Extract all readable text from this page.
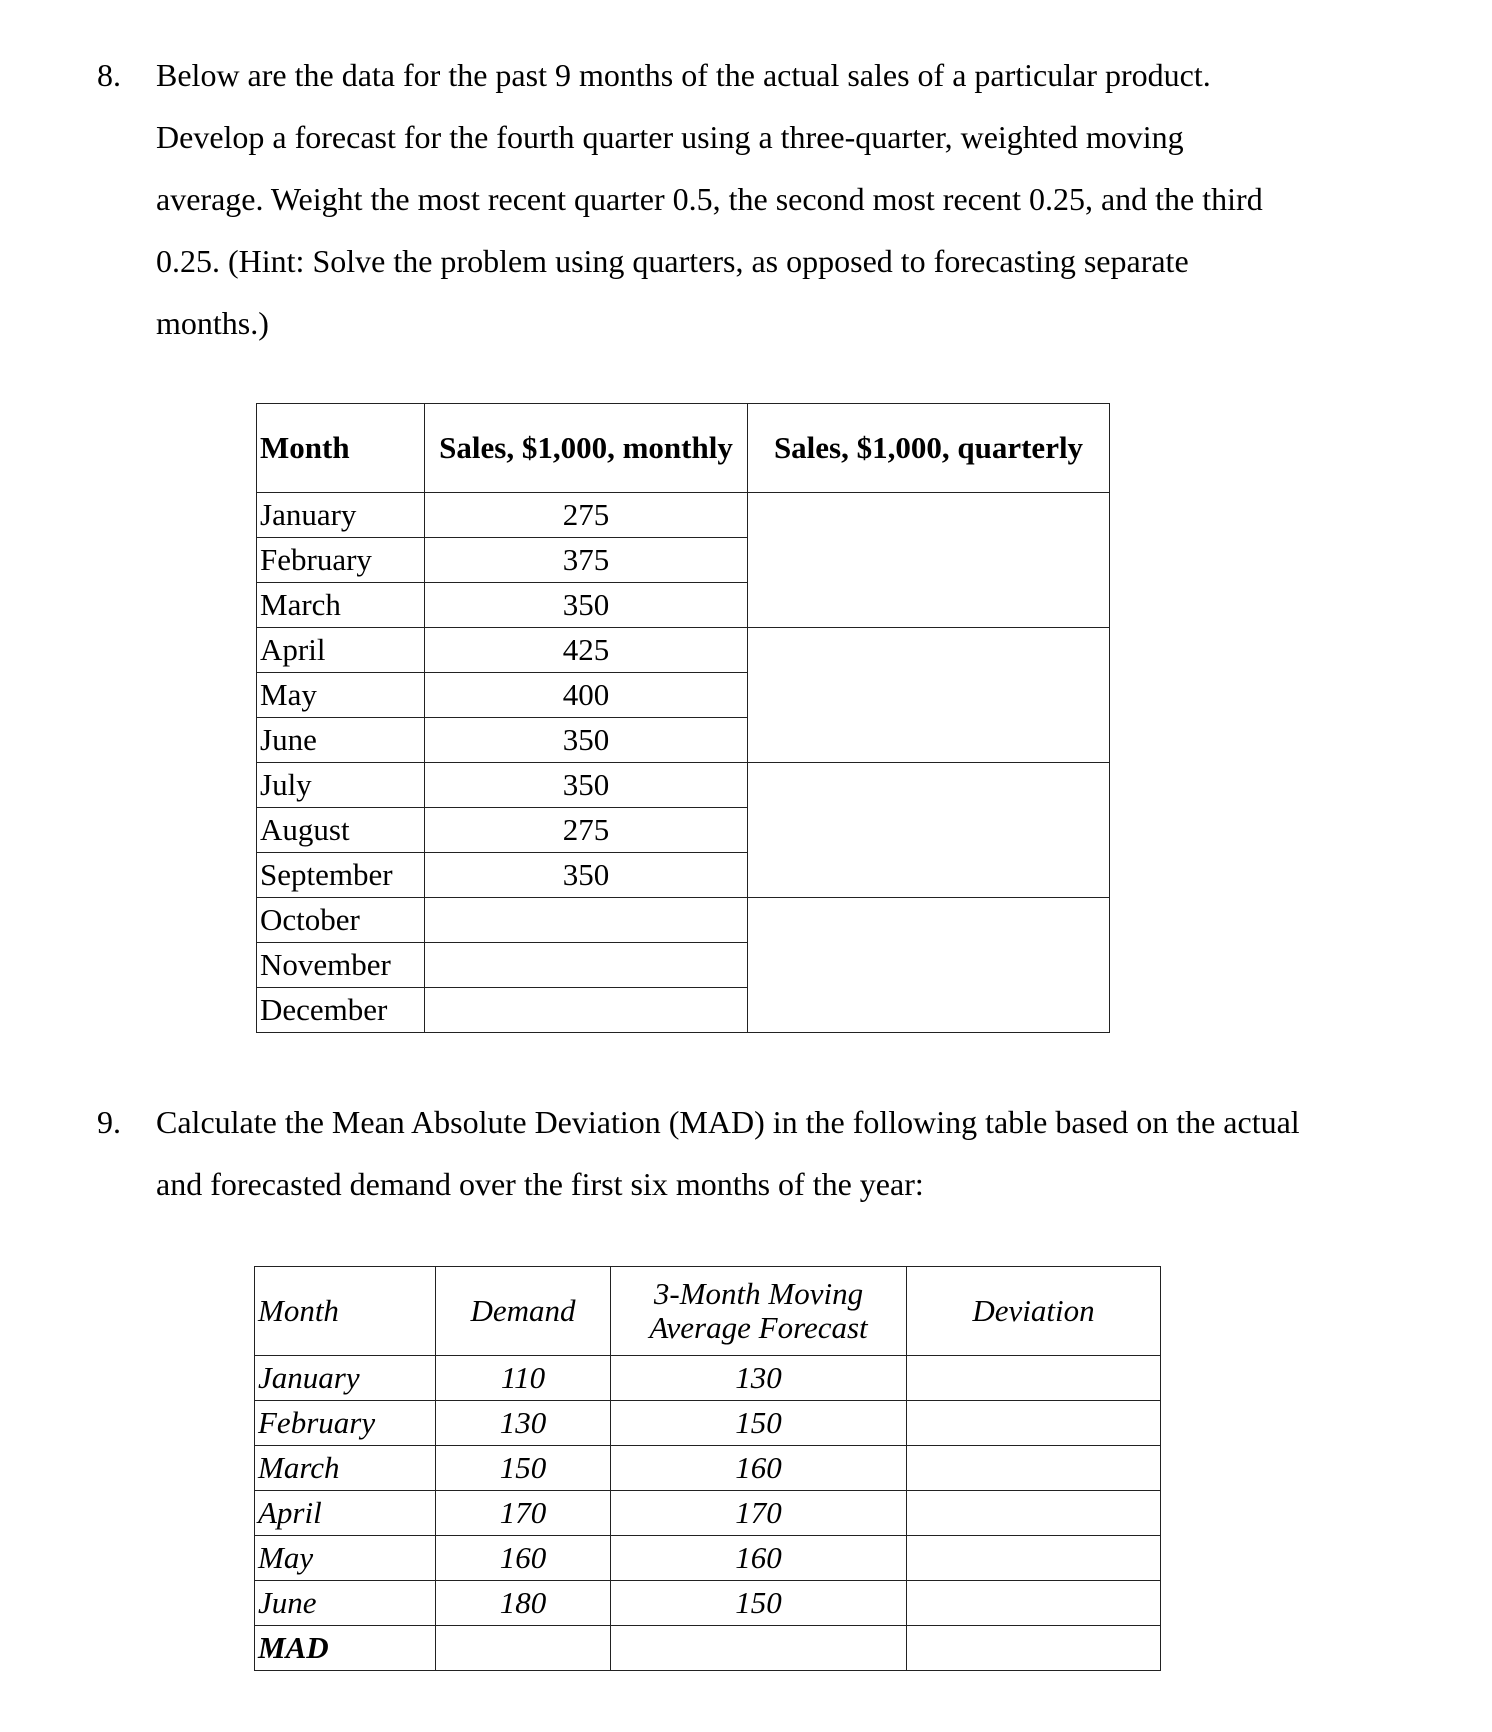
8. Below are the data for the past 9 months of the actual sales of a particular product.
Develop a forecast for the fourth quarter using a three-quarter, weighted moving
average. Weight the most recent quarter 0.5, the second most recent 0.25, and the third
0.25. (Hint: Solve the problem using quarters, as opposed to forecasting separate
months.)
Month	Sales, $1,000, monthly	Sales, $1,000, quarterly
January	275	
February	375	
March	350	
April	425	
May	400	
June	350	
July	350	
August	275	
September	350	
October		
November		
December		
9. Calculate the Mean Absolute Deviation (MAD) in the following table based on the actual
and forecasted demand over the first six months of the year:
Month	Demand	3-Month Moving Average Forecast	Deviation
January	110	130	
February	130	150	
March	150	160	
April	170	170	
May	160	160	
June	180	150	
MAD			
